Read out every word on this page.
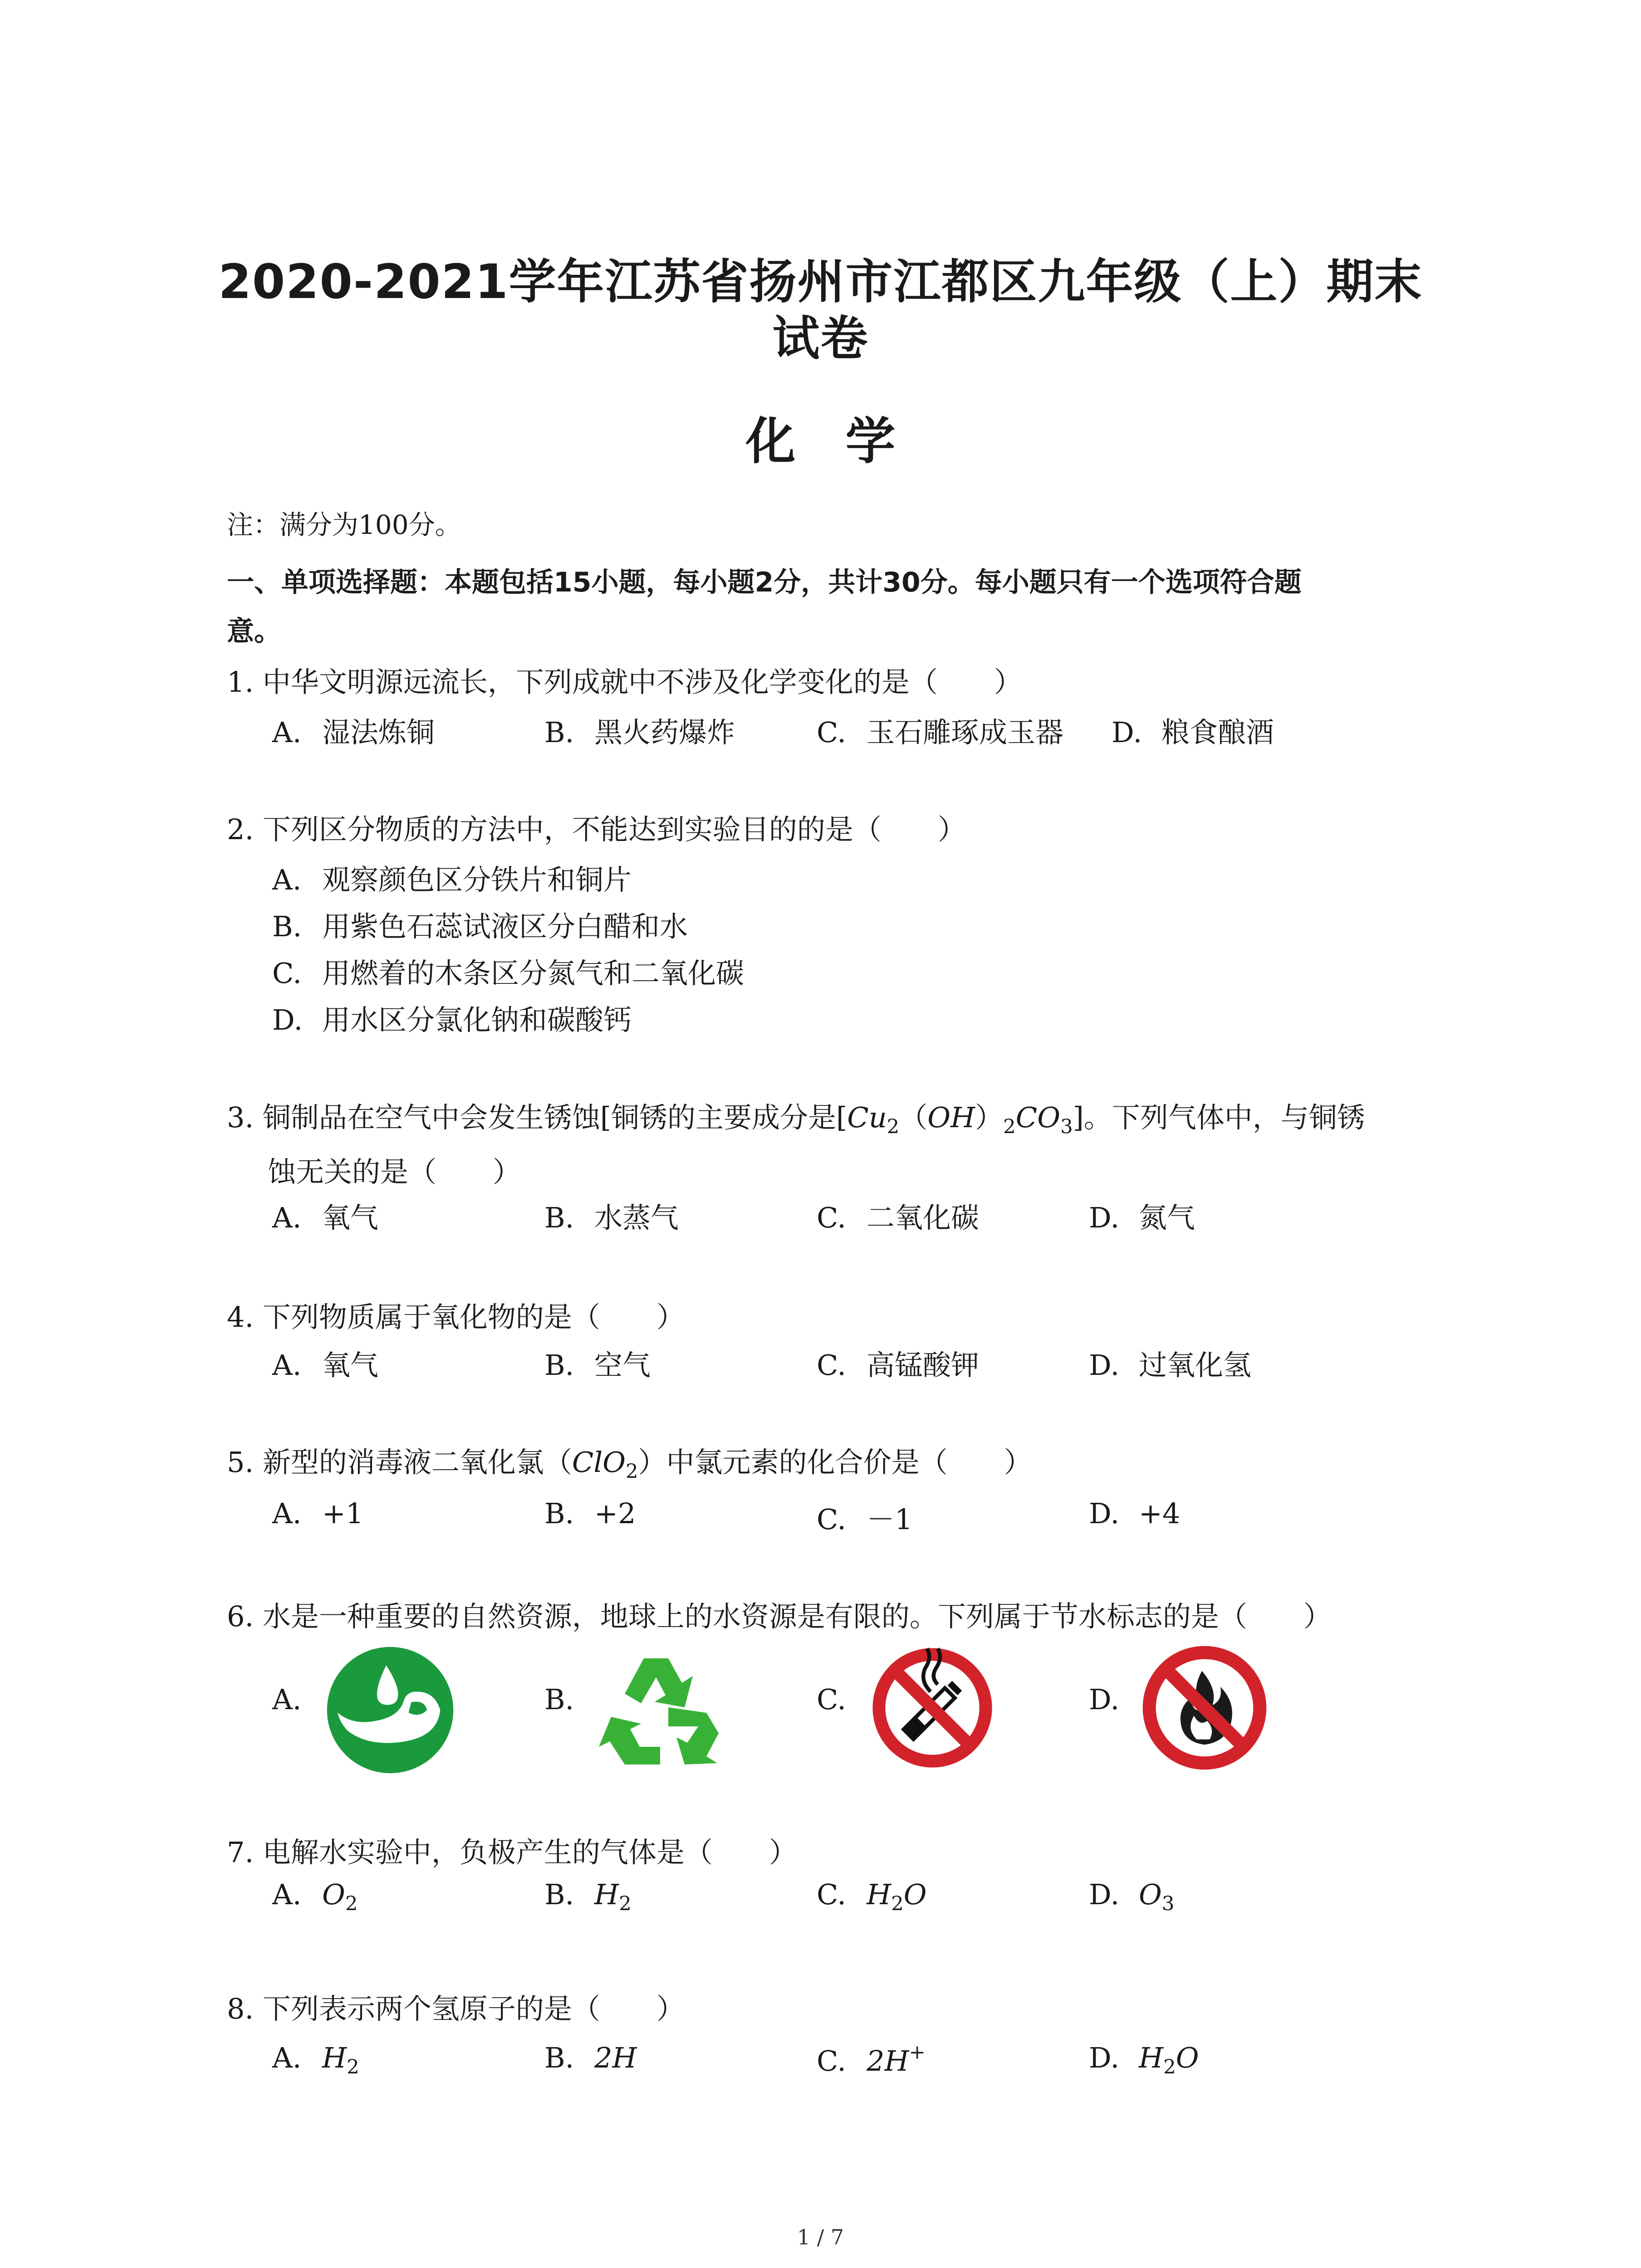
2020-2021学年江苏省扬州市江都区九年级（上）期末
试卷
化学
注：满分为100分。
一、单项选择题：本题包括15小题，每小题2分，共计30分。每小题只有一个选项符合题
意。
1. 中华文明源远流长，下列成就中不涉及化学变化的是（　　）
A. 湿法炼铜	B. 黑火药爆炸	C. 玉石雕琢成玉器 D. 粮食酿酒
2. 下列区分物质的方法中，不能达到实验目的的是（　　）
A. 观察颜色区分铁片和铜片
B. 用紫色石蕊试液区分白醋和水
C. 用燃着的木条区分氮气和二氧化碳
D. 用水区分氯化钠和碳酸钙
3. 铜制品在空气中会发生锈蚀[铜锈的主要成分是$[Cu_2(OH)_2CO_3]$。下列气体中，与铜锈
蚀无关的是（　　）
A. 氧气	B. 水蒸气	C. 二氧化碳	D. 氮气
4. 下列物质属于氧化物的是（　　）
A. 氧气	B. 空气	C. 高锰酸钾	D. 过氧化氢
5. 新型的消毒液二氧化氯（ClO$_2$）中氯元素的化合价是（　　）
A. +1	B. +2	C. －1	D. +4
6. 水是一种重要的自然资源，地球上的水资源是有限的。下列属于节水标志的是（　　）
A.	B.	C.	D.
7. 电解水实验中，负极产生的气体是（　　）
A. $O_2$	B. $H_2$	C. $H_2O$	D. $O_3$
8. 下列表示两个氢原子的是（　　）
A. $H_2$	B. 2H	C. 2H+	D. $H_2O$
1 / 7
